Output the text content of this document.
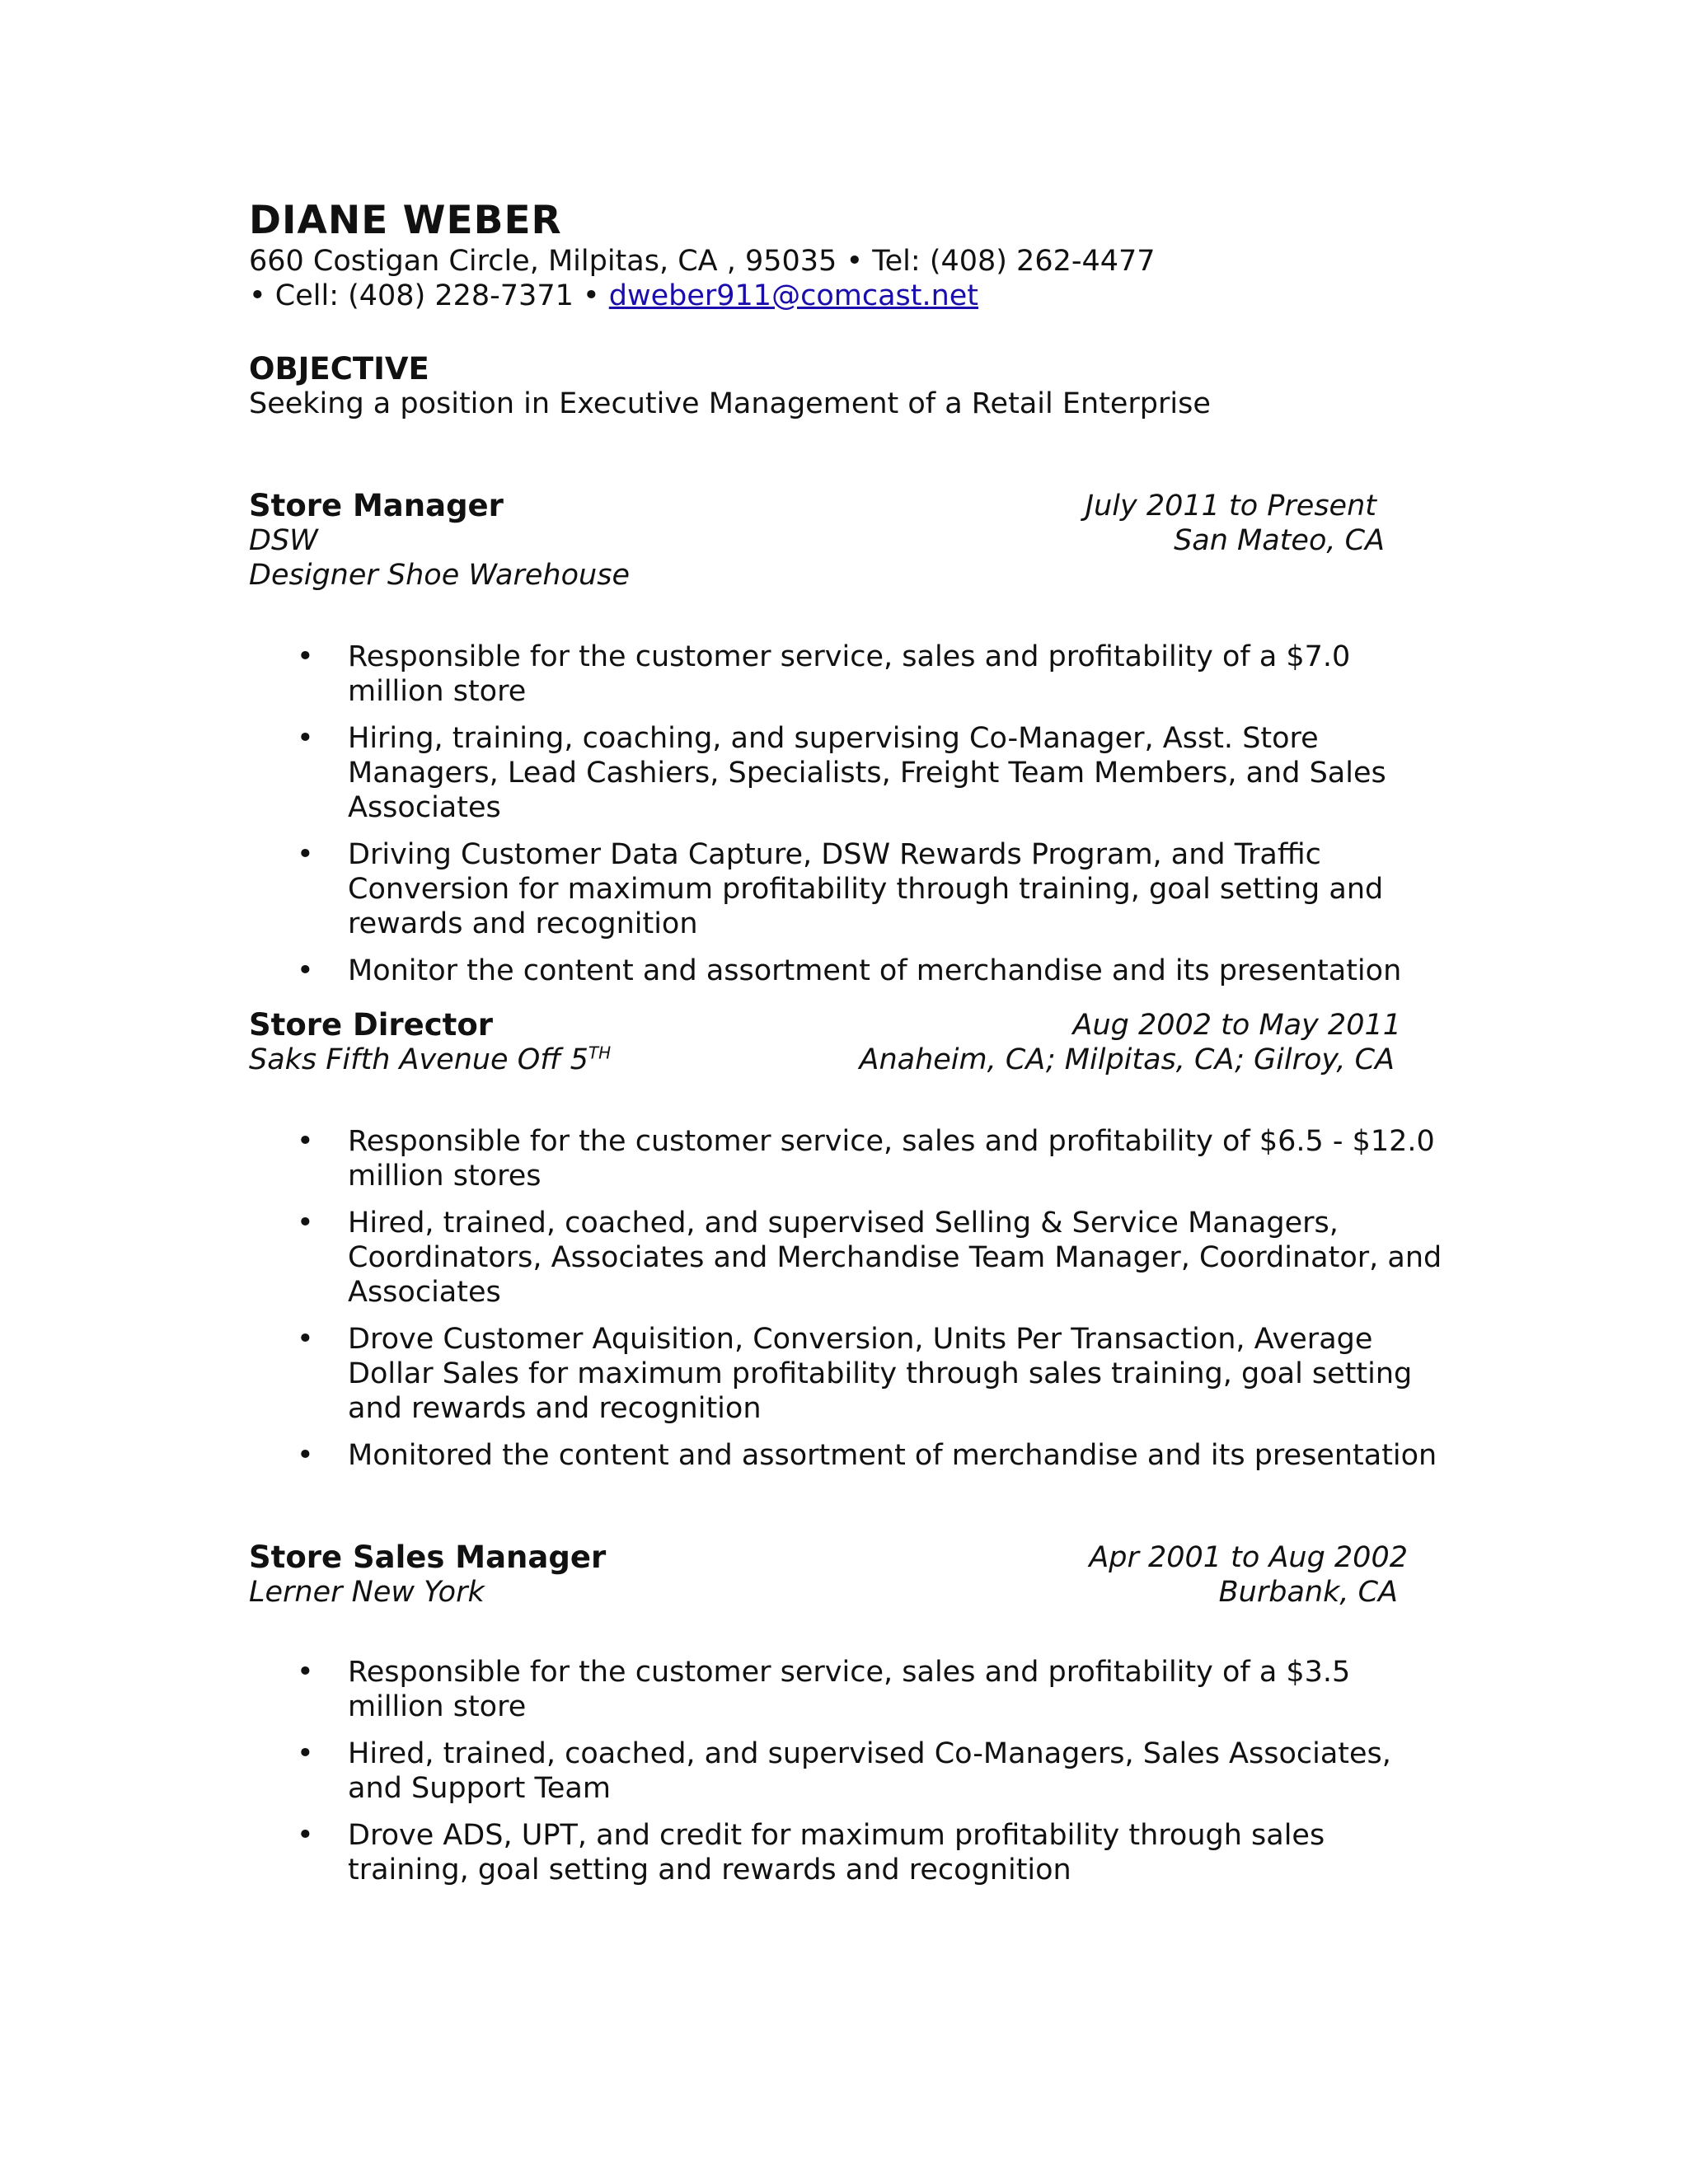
DIANE WEBER
660 Costigan Circle, Milpitas, CA , 95035 • Tel: (408) 262-4477
• Cell: (408) 228-7371 • dweber911@comcast.net
OBJECTIVE
Seeking a position in Executive Management of a Retail Enterprise
Store Manager	July 2011 to Present
DSW	San Mateo, CA
Designer Shoe Warehouse
• Responsible for the customer service, sales and profitability of a $7.0 million store
• Hiring, training, coaching, and supervising Co-Manager, Asst. Store Managers, Lead Cashiers, Specialists, Freight Team Members, and Sales Associates
• Driving Customer Data Capture, DSW Rewards Program, and Traffic Conversion for maximum profitability through training, goal setting and rewards and recognition
• Monitor the content and assortment of merchandise and its presentation
Store Director	Aug 2002 to May 2011
Saks Fifth Avenue Off 5TH	Anaheim, CA; Milpitas, CA; Gilroy, CA
• Responsible for the customer service, sales and profitability of $6.5 - $12.0 million stores
• Hired, trained, coached, and supervised Selling & Service Managers, Coordinators, Associates and Merchandise Team Manager, Coordinator, and Associates
• Drove Customer Aquisition, Conversion, Units Per Transaction, Average Dollar Sales for maximum profitability through sales training, goal setting and rewards and recognition
• Monitored the content and assortment of merchandise and its presentation
Store Sales Manager	Apr 2001 to Aug 2002
Lerner New York	Burbank, CA
• Responsible for the customer service, sales and profitability of a $3.5 million store
• Hired, trained, coached, and supervised Co-Managers, Sales Associates, and Support Team
• Drove ADS, UPT, and credit for maximum profitability through sales training, goal setting and rewards and recognition
